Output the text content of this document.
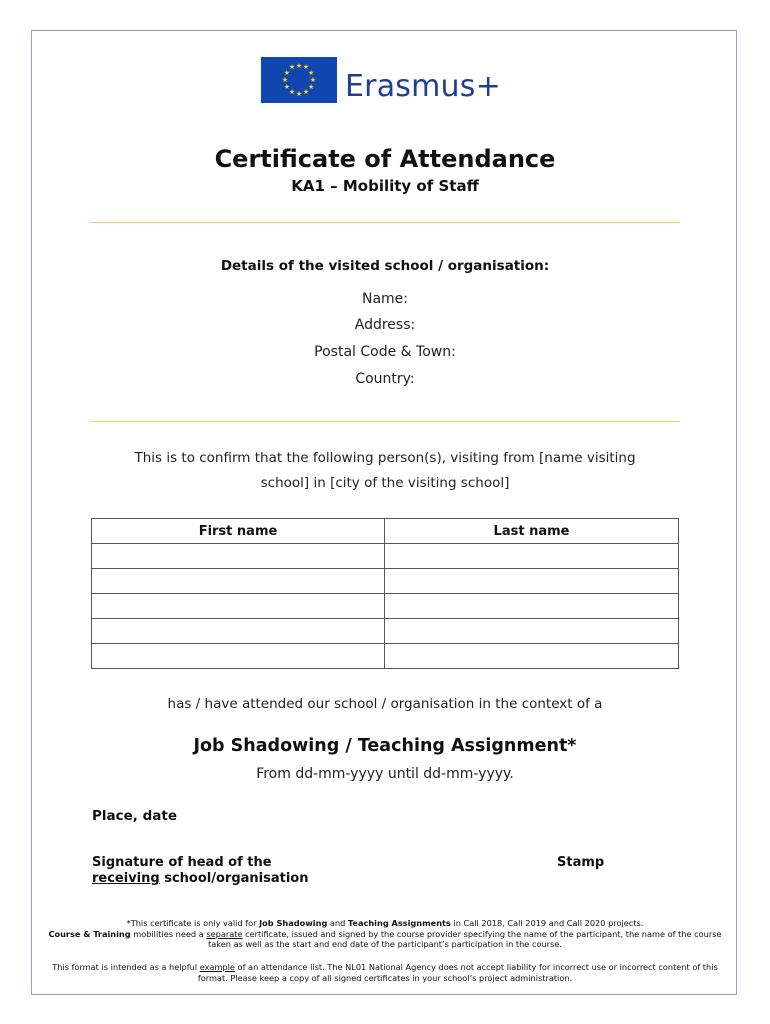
★ ★
★
★
★
★
★
★
★
★
★
★
Erasmus+
Certificate of Attendance
KA1 – Mobility of Staff
Details of the visited school / organisation:
Name:
Address:
Postal Code & Town:
Country:
This is to confirm that the following person(s), visiting from [name visiting
school] in [city of the visiting school]
First name	Last name

has / have attended our school / organisation in the context of a
Job Shadowing / Teaching Assignment*
From dd-mm-yyyy until dd-mm-yyyy.
Place, date
Signature of head of the
receiving school/organisation
Stamp
*This certificate is only valid for Job Shadowing and Teaching Assignments in Call 2018, Call 2019 and Call 2020 projects.
Course & Training mobilities need a separate certificate, issued and signed by the course provider specifying the name of the participant, the name of the course taken as well as the start and end date of the participant’s participation in the course.
This format is intended as a helpful example of an attendance list. The NL01 National Agency does not accept liability for incorrect use or incorrect content of this format. Please keep a copy of all signed certificates in your school’s project administration.
